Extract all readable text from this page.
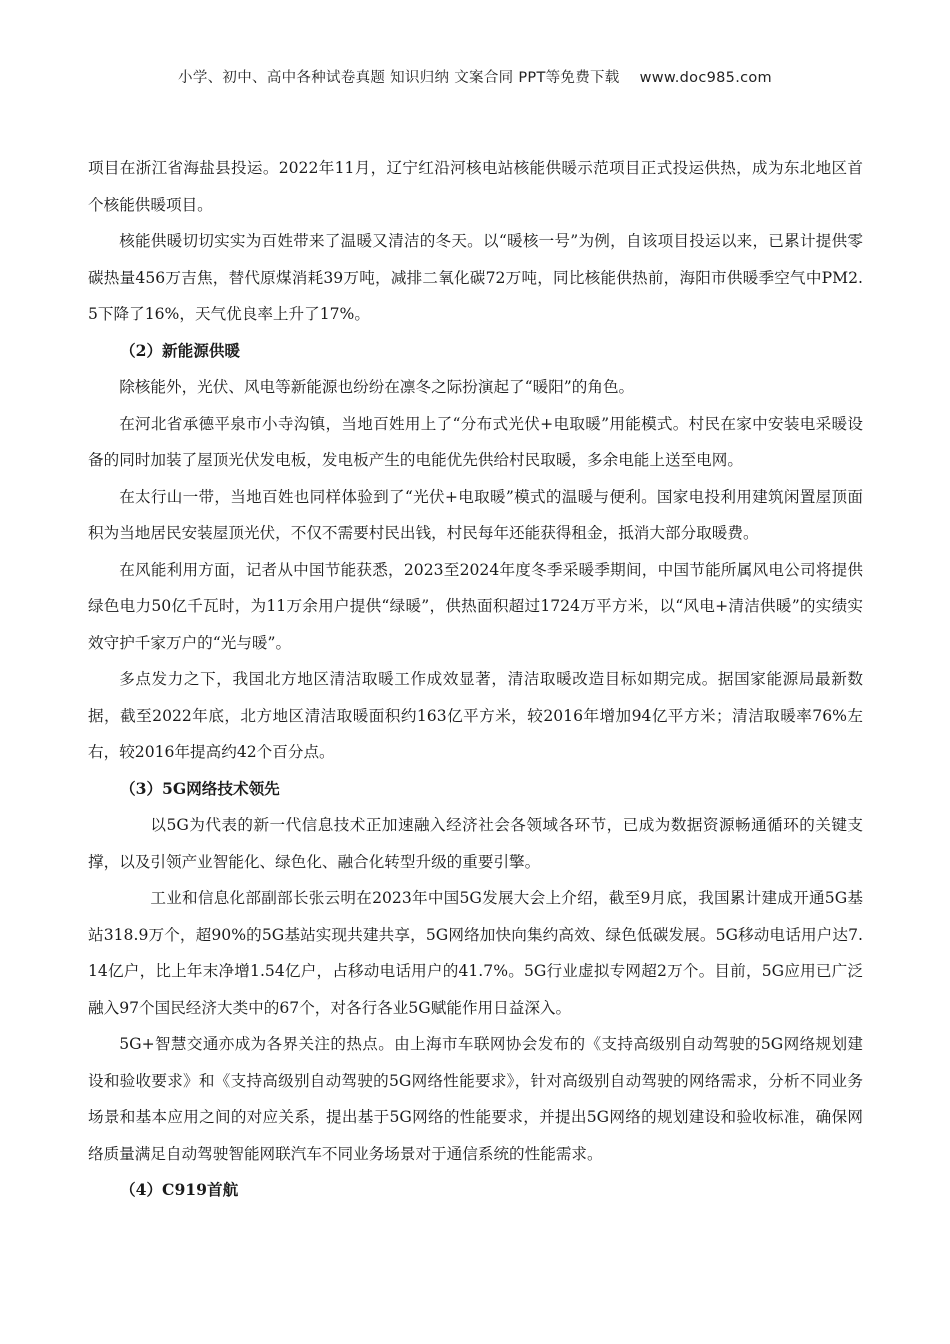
小学、初中、高中各种试卷真题 知识归纳 文案合同 PPT等免费下载 www.doc985.com

项目在浙江省海盐县投运。2022年11月，辽宁红沿河核电站核能供暖示范项目正式投运供热，成为东北地区首个核能供暖项目。

核能供暖切切实实为百姓带来了温暖又清洁的冬天。以“暖核一号”为例，自该项目投运以来，已累计提供零碳热量456万吉焦，替代原煤消耗39万吨，减排二氧化碳72万吨，同比核能供热前，海阳市供暖季空气中PM2.5下降了16%，天气优良率上升了17%。

（2）新能源供暖

除核能外，光伏、风电等新能源也纷纷在凛冬之际扮演起了“暖阳”的角色。

在河北省承德平泉市小寺沟镇，当地百姓用上了“分布式光伏+电取暖”用能模式。村民在家中安装电采暖设备的同时加装了屋顶光伏发电板，发电板产生的电能优先供给村民取暖，多余电能上送至电网。

在太行山一带，当地百姓也同样体验到了“光伏+电取暖”模式的温暖与便利。国家电投利用建筑闲置屋顶面积为当地居民安装屋顶光伏，不仅不需要村民出钱，村民每年还能获得租金，抵消大部分取暖费。

在风能利用方面，记者从中国节能获悉，2023至2024年度冬季采暖季期间，中国节能所属风电公司将提供绿色电力50亿千瓦时，为11万余用户提供“绿暖”，供热面积超过1724万平方米，以“风电+清洁供暖”的实绩实效守护千家万户的“光与暖”。

多点发力之下，我国北方地区清洁取暖工作成效显著，清洁取暖改造目标如期完成。据国家能源局最新数据，截至2022年底，北方地区清洁取暖面积约163亿平方米，较2016年增加94亿平方米；清洁取暖率76%左右，较2016年提高约42个百分点。

（3）5G网络技术领先

以5G为代表的新一代信息技术正加速融入经济社会各领域各环节，已成为数据资源畅通循环的关键支撑，以及引领产业智能化、绿色化、融合化转型升级的重要引擎。

工业和信息化部副部长张云明在2023年中国5G发展大会上介绍，截至9月底，我国累计建成开通5G基站318.9万个，超90%的5G基站实现共建共享，5G网络加快向集约高效、绿色低碳发展。5G移动电话用户达7.14亿户，比上年末净增1.54亿户，占移动电话用户的41.7%。5G行业虚拟专网超2万个。目前，5G应用已广泛融入97个国民经济大类中的67个，对各行各业5G赋能作用日益深入。

5G+智慧交通亦成为各界关注的热点。由上海市车联网协会发布的《支持高级别自动驾驶的5G网络规划建设和验收要求》和《支持高级别自动驾驶的5G网络性能要求》，针对高级别自动驾驶的网络需求，分析不同业务场景和基本应用之间的对应关系，提出基于5G网络的性能要求，并提出5G网络的规划建设和验收标准，确保网络质量满足自动驾驶智能网联汽车不同业务场景对于通信系统的性能需求。

（4）C919首航
